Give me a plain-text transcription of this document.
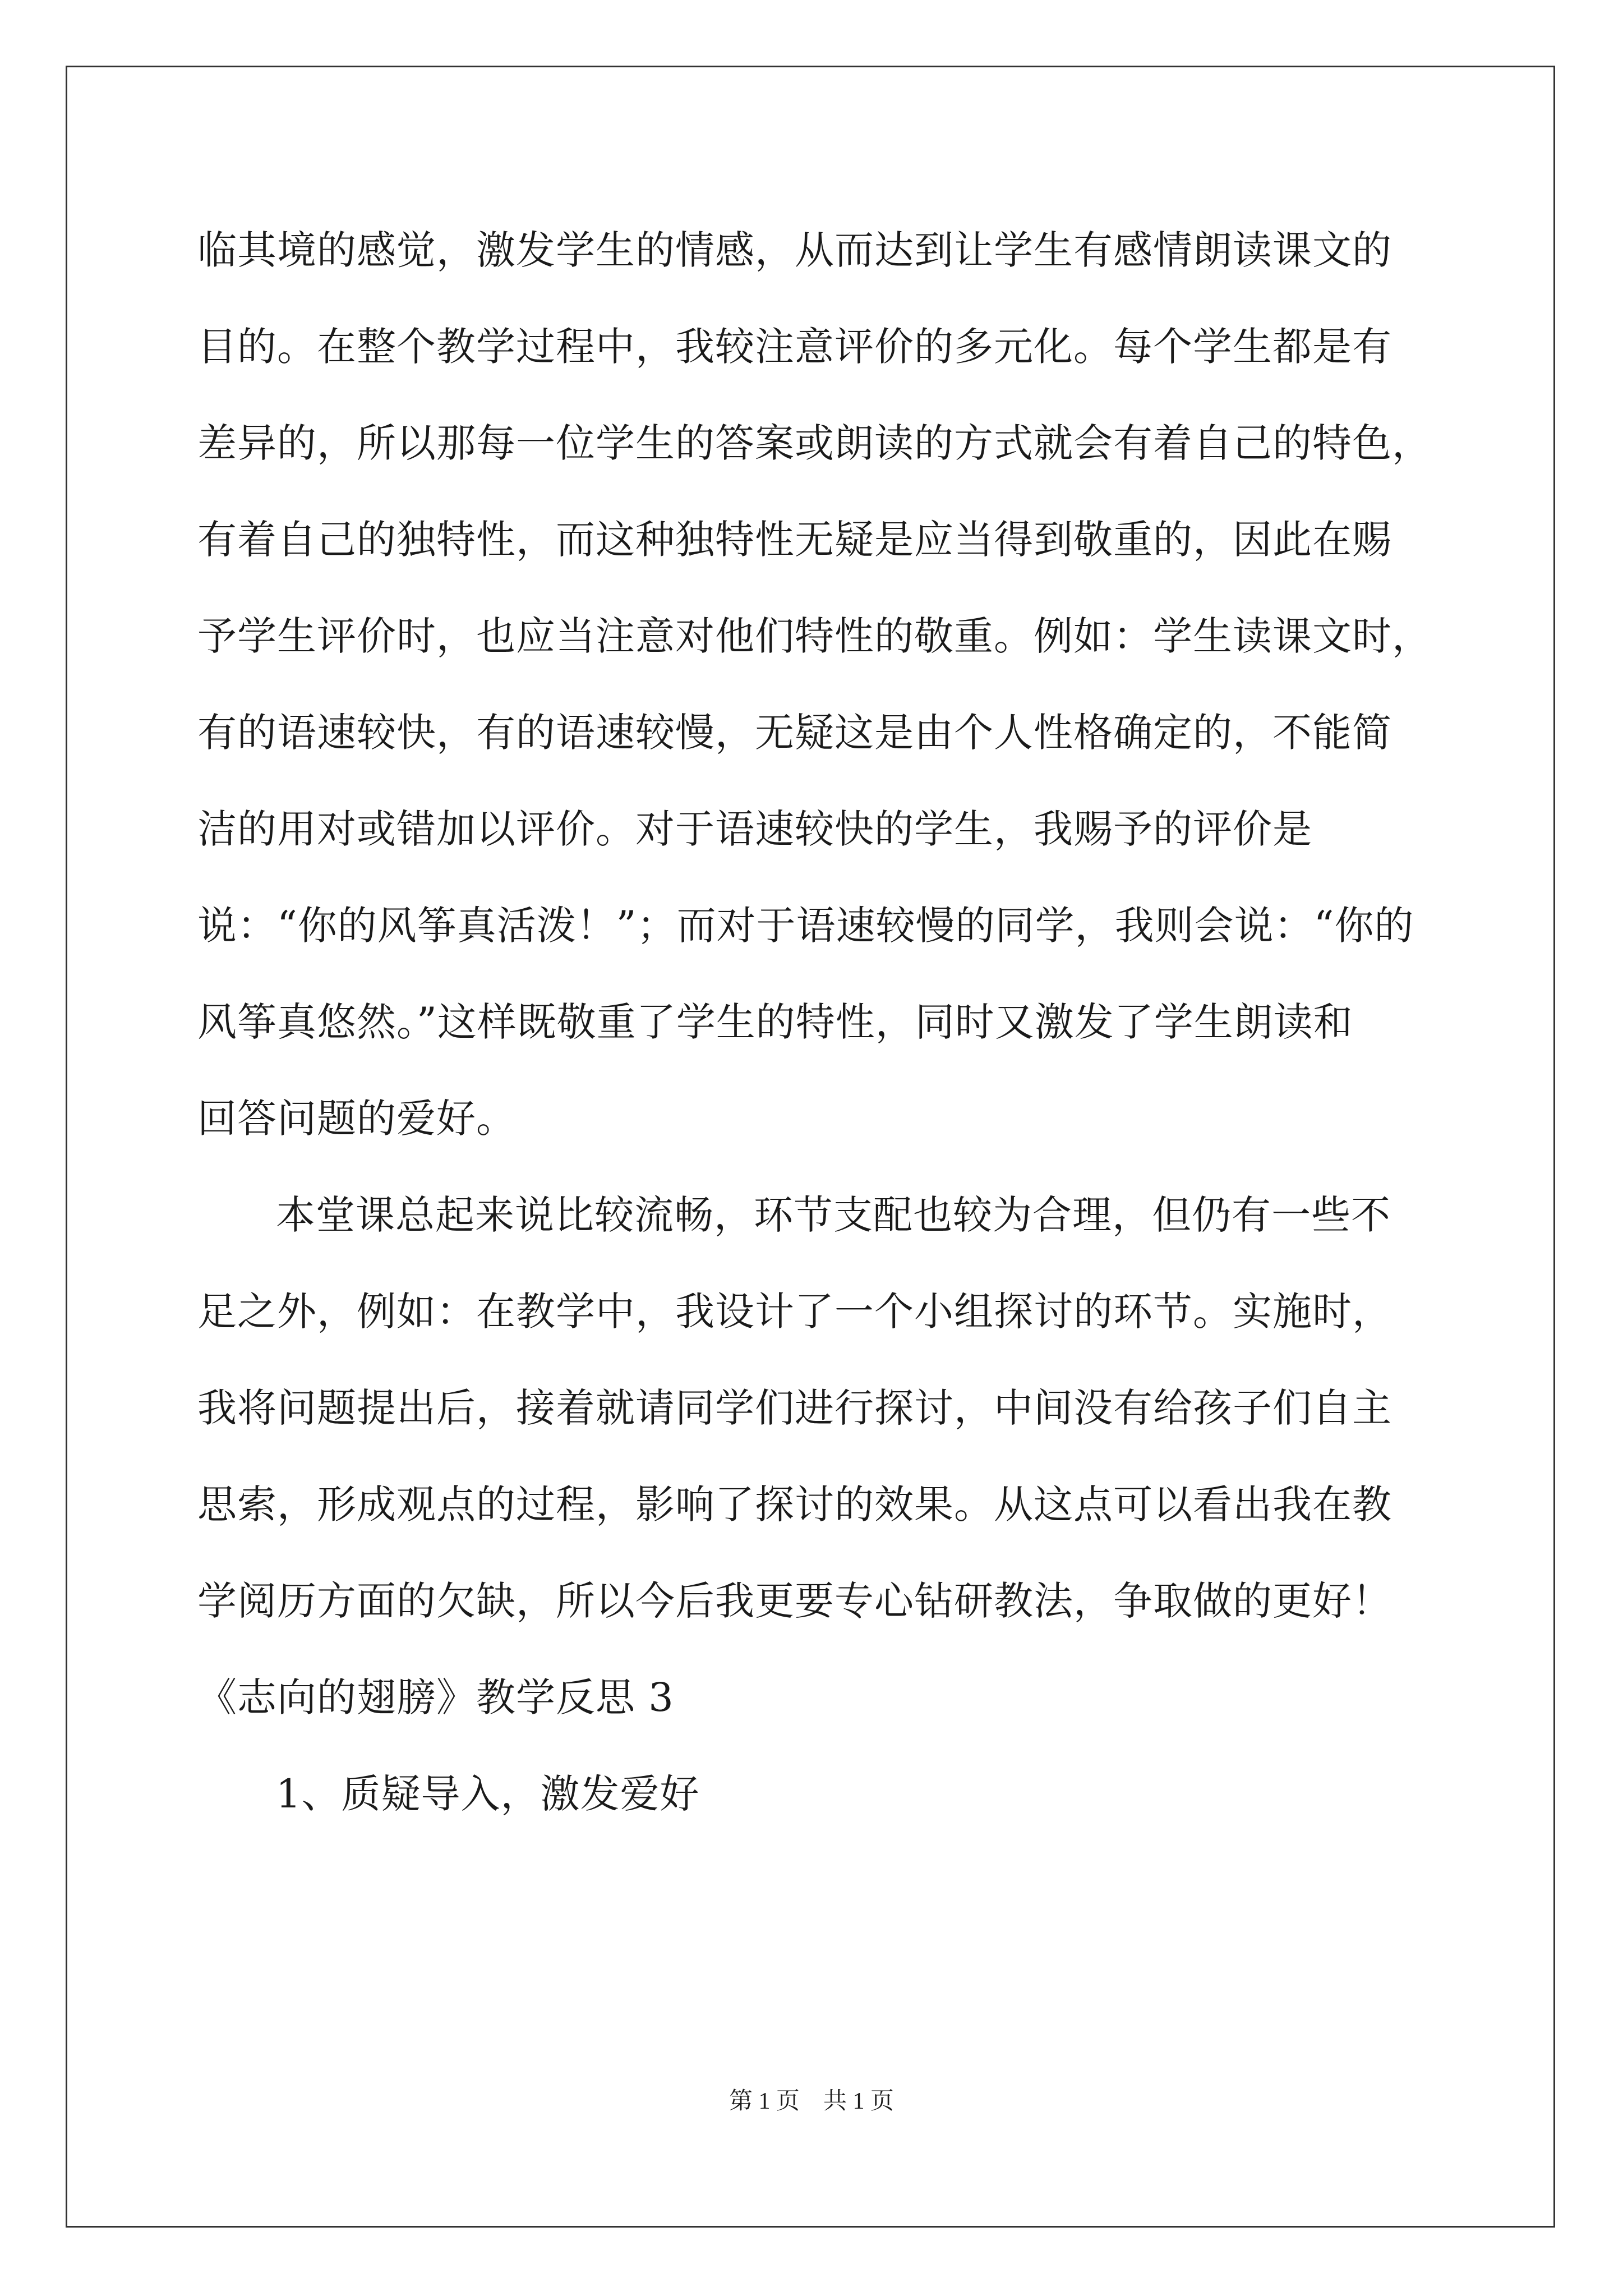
临其境的感觉，激发学生的情感，从而达到让学生有感情朗读课文的
目的。在整个教学过程中，我较注意评价的多元化。每个学生都是有
差异的，所以那每一位学生的答案或朗读的方式就会有着自己的特色，
有着自己的独特性，而这种独特性无疑是应当得到敬重的，因此在赐
予学生评价时，也应当注意对他们特性的敬重。例如：学生读课文时，
有的语速较快，有的语速较慢，无疑这是由个人性格确定的，不能简
洁的用对或错加以评价。对于语速较快的学生，我赐予的评价是
说：“你的风筝真活泼！”；而对于语速较慢的同学，我则会说：“你的
风筝真悠然。”这样既敬重了学生的特性，同时又激发了学生朗读和
回答问题的爱好。
本堂课总起来说比较流畅，环节支配也较为合理，但仍有一些不
足之外，例如：在教学中，我设计了一个小组探讨的环节。实施时，
我将问题提出后，接着就请同学们进行探讨，中间没有给孩子们自主
思索，形成观点的过程，影响了探讨的效果。从这点可以看出我在教
学阅历方面的欠缺，所以今后我更要专心钻研教法，争取做的更好！
《志向的翅膀》教学反思 3
1、质疑导入，激发爱好
第 1 页　共 1 页
